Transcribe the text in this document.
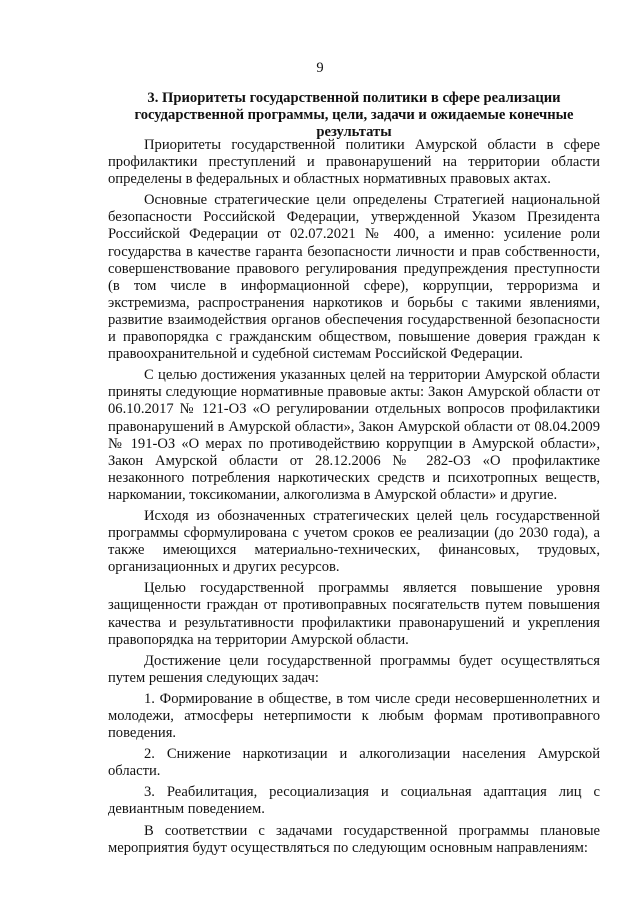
9
3. Приоритеты государственной политики в сфере реализации государственной программы, цели, задачи и ожидаемые конечные результаты

Приоритеты государственной политики Амурской области в сфере профилактики преступлений и правонарушений на территории области определены в федеральных и областных нормативных правовых актах.

Основные стратегические цели определены Стратегией национальной безопасности Российской Федерации, утвержденной Указом Президента Российской Федерации от 02.07.2021 № 400, а именно: усиление роли государства в качестве гаранта безопасности личности и прав собственности, совершенствование правового регулирования предупреждения преступности (в том числе в информационной сфере), коррупции, терроризма и экстремизма, распространения наркотиков и борьбы с такими явлениями, развитие взаимодействия органов обеспечения государственной безопасности и правопорядка с гражданским обществом, повышение доверия граждан к правоохранительной и судебной системам Российской Федерации.

С целью достижения указанных целей на территории Амурской области приняты следующие нормативные правовые акты: Закон Амурской области от 06.10.2017 № 121-ОЗ «О регулировании отдельных вопросов профилактики правонарушений в Амурской области», Закон Амурской области от 08.04.2009 № 191-ОЗ «О мерах по противодействию коррупции в Амурской области», Закон Амурской области от 28.12.2006 № 282-ОЗ «О профилактике незаконного потребления наркотических средств и психотропных веществ, наркомании, токсикомании, алкоголизма в Амурской области» и другие.

Исходя из обозначенных стратегических целей цель государственной программы сформулирована с учетом сроков ее реализации (до 2030 года), а также имеющихся материально-технических, финансовых, трудовых, организационных и других ресурсов.

Целью государственной программы является повышение уровня защищенности граждан от противоправных посягательств путем повышения качества и результативности профилактики правонарушений и укрепления правопорядка на территории Амурской области.

Достижение цели государственной программы будет осуществляться путем решения следующих задач:

1. Формирование в обществе, в том числе среди несовершеннолетних и молодежи, атмосферы нетерпимости к любым формам противоправного поведения.

2. Снижение наркотизации и алкоголизации населения Амурской области.

3. Реабилитация, ресоциализация и социальная адаптация лиц с девиантным поведением.

В соответствии с задачами государственной программы плановые мероприятия будут осуществляться по следующим основным направлениям:
